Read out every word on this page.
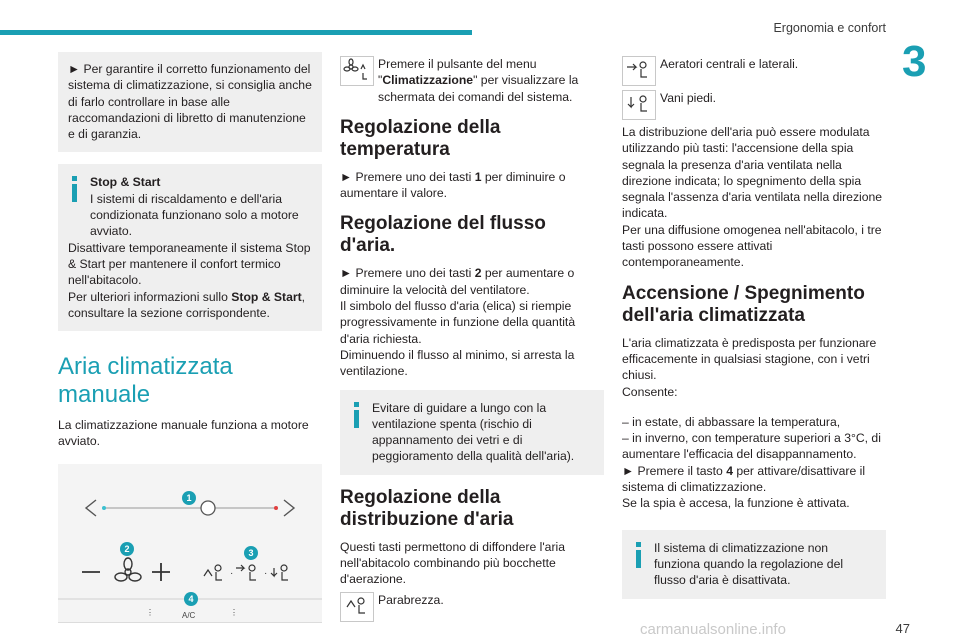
Ergonomia e confort
3

► Per garantire il corretto funzionamento del sistema di climatizzazione, si consiglia anche di farlo controllare in base alle raccomandazioni di libretto di manutenzione e di garanzia.

Stop & Start

I sistemi di riscaldamento e dell'aria condizionata funzionano solo a motore avviato.

Disattivare temporaneamente il sistema Stop & Start per mantenere il confort termico nell'abitacolo.

Per ulteriori informazioni sullo Stop & Start, consultare la sezione corrispondente.

Aria climatizzata manuale

La climatizzazione manuale funziona a motore avviato.

·	·
⋮	⋮
1
2	3
4
A/C

Premere il pulsante del menu "Climatizzazione" per visualizzare la schermata dei comandi del sistema.

Regolazione della temperatura

► Premere uno dei tasti 1 per diminuire o aumentare il valore.

Regolazione del flusso d'aria.

► Premere uno dei tasti 2 per aumentare o diminuire la velocità del ventilatore.

Il simbolo del flusso d'aria (elica) si riempie progressivamente in funzione della quantità d'aria richiesta.

Diminuendo il flusso al minimo, si arresta la ventilazione.

Evitare di guidare a lungo con la ventilazione spenta (rischio di appannamento dei vetri e di peggioramento della qualità dell'aria).

Regolazione della distribuzione d'aria

Questi tasti permettono di diffondere l'aria nell'abitacolo combinando più bocchette d'aerazione.

Parabrezza.

Aeratori centrali e laterali.

Vani piedi.

La distribuzione dell'aria può essere modulata utilizzando più tasti: l'accensione della spia segnala la presenza d'aria ventilata nella direzione indicata; lo spegnimento della spia segnala l'assenza d'aria ventilata nella direzione indicata.

Per una diffusione omogenea nell'abitacolo, i tre tasti possono essere attivati contemporaneamente.

Accensione / Spegnimento dell'aria climatizzata

L'aria climatizzata è predisposta per funzionare efficacemente in qualsiasi stagione, con i vetri chiusi.

Consente:

– in estate, di abbassare la temperatura,

– in inverno, con temperature superiori a 3°C, di aumentare l'efficacia del disappannamento.

► Premere il tasto 4 per attivare/disattivare il sistema di climatizzazione.

Se la spia è accesa, la funzione è attivata.

Il sistema di climatizzazione non funziona quando la regolazione del flusso d'aria è disattivata.

carmanualsonline.info	47
